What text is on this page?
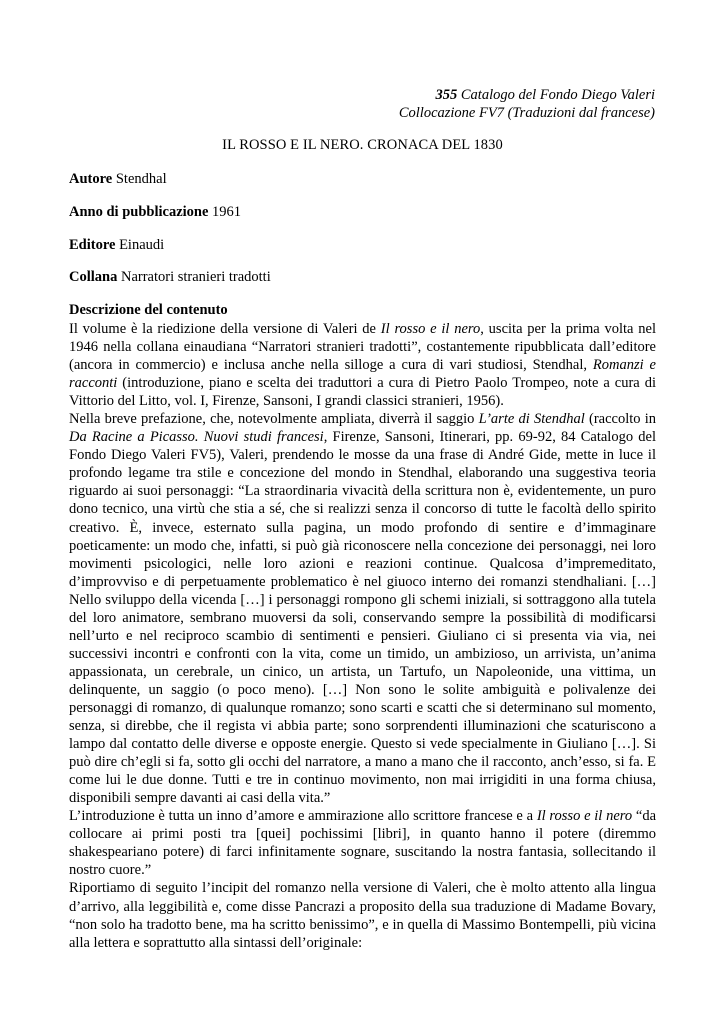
355 Catalogo del Fondo Diego Valeri
Collocazione FV7 (Traduzioni dal francese)
IL ROSSO E IL NERO. CRONACA DEL 1830
Autore Stendhal
Anno di pubblicazione 1961
Editore Einaudi
Collana Narratori stranieri tradotti
Descrizione del contenuto

Il volume è la riedizione della versione di Valeri de Il rosso e il nero, uscita per la prima volta nel 1946 nella collana einaudiana “Narratori stranieri tradotti”, costantemente ripubblicata dall’editore (ancora in commercio) e inclusa anche nella silloge a cura di vari studiosi, Stendhal, Romanzi e racconti (introduzione, piano e scelta dei traduttori a cura di Pietro Paolo Trompeo, note a cura di Vittorio del Litto, vol. I, Firenze, Sansoni, I grandi classici stranieri, 1956).

Nella breve prefazione, che, notevolmente ampliata, diverrà il saggio L’arte di Stendhal (raccolto in Da Racine a Picasso. Nuovi studi francesi, Firenze, Sansoni, Itinerari, pp. 69-92, 84 Catalogo del Fondo Diego Valeri FV5), Valeri, prendendo le mosse da una frase di André Gide, mette in luce il profondo legame tra stile e concezione del mondo in Stendhal, elaborando una suggestiva teoria riguardo ai suoi personaggi: “La straordinaria vivacità della scrittura non è, evidentemente, un puro dono tecnico, una virtù che stia a sé, che si realizzi senza il concorso di tutte le facoltà dello spirito creativo. È, invece, esternato sulla pagina, un modo profondo di sentire e d’immaginare poeticamente: un modo che, infatti, si può già riconoscere nella concezione dei personaggi, nei loro movimenti psicologici, nelle loro azioni e reazioni continue. Qualcosa d’impremeditato, d’improvviso e di perpetuamente problematico è nel giuoco interno dei romanzi stendhaliani. […] Nello sviluppo della vicenda […] i personaggi rompono gli schemi iniziali, si sottraggono alla tutela del loro animatore, sembrano muoversi da soli, conservando sempre la possibilità di modificarsi nell’urto e nel reciproco scambio di sentimenti e pensieri. Giuliano ci si presenta via via, nei successivi incontri e confronti con la vita, come un timido, un ambizioso, un arrivista, un’anima appassionata, un cerebrale, un cinico, un artista, un Tartufo, un Napoleonide, una vittima, un delinquente, un saggio (o poco meno). […] Non sono le solite ambiguità e polivalenze dei personaggi di romanzo, di qualunque romanzo; sono scarti e scatti che si determinano sul momento, senza, si direbbe, che il regista vi abbia parte; sono sorprendenti illuminazioni che scaturiscono a lampo dal contatto delle diverse e opposte energie. Questo si vede specialmente in Giuliano […]. Si può dire ch’egli si fa, sotto gli occhi del narratore, a mano a mano che il racconto, anch’esso, si fa. E come lui le due donne. Tutti e tre in continuo movimento, non mai irrigiditi in una forma chiusa, disponibili sempre davanti ai casi della vita.”

L’introduzione è tutta un inno d’amore e ammirazione allo scrittore francese e a Il rosso e il nero “da collocare ai primi posti tra [quei] pochissimi [libri], in quanto hanno il potere (diremmo shakespeariano potere) di farci infinitamente sognare, suscitando la nostra fantasia, sollecitando il nostro cuore.”

Riportiamo di seguito l’incipit del romanzo nella versione di Valeri, che è molto attento alla lingua d’arrivo, alla leggibilità e, come disse Pancrazi a proposito della sua traduzione di Madame Bovary, “non solo ha tradotto bene, ma ha scritto benissimo”, e in quella di Massimo Bontempelli, più vicina alla lettera e soprattutto alla sintassi dell’originale:
